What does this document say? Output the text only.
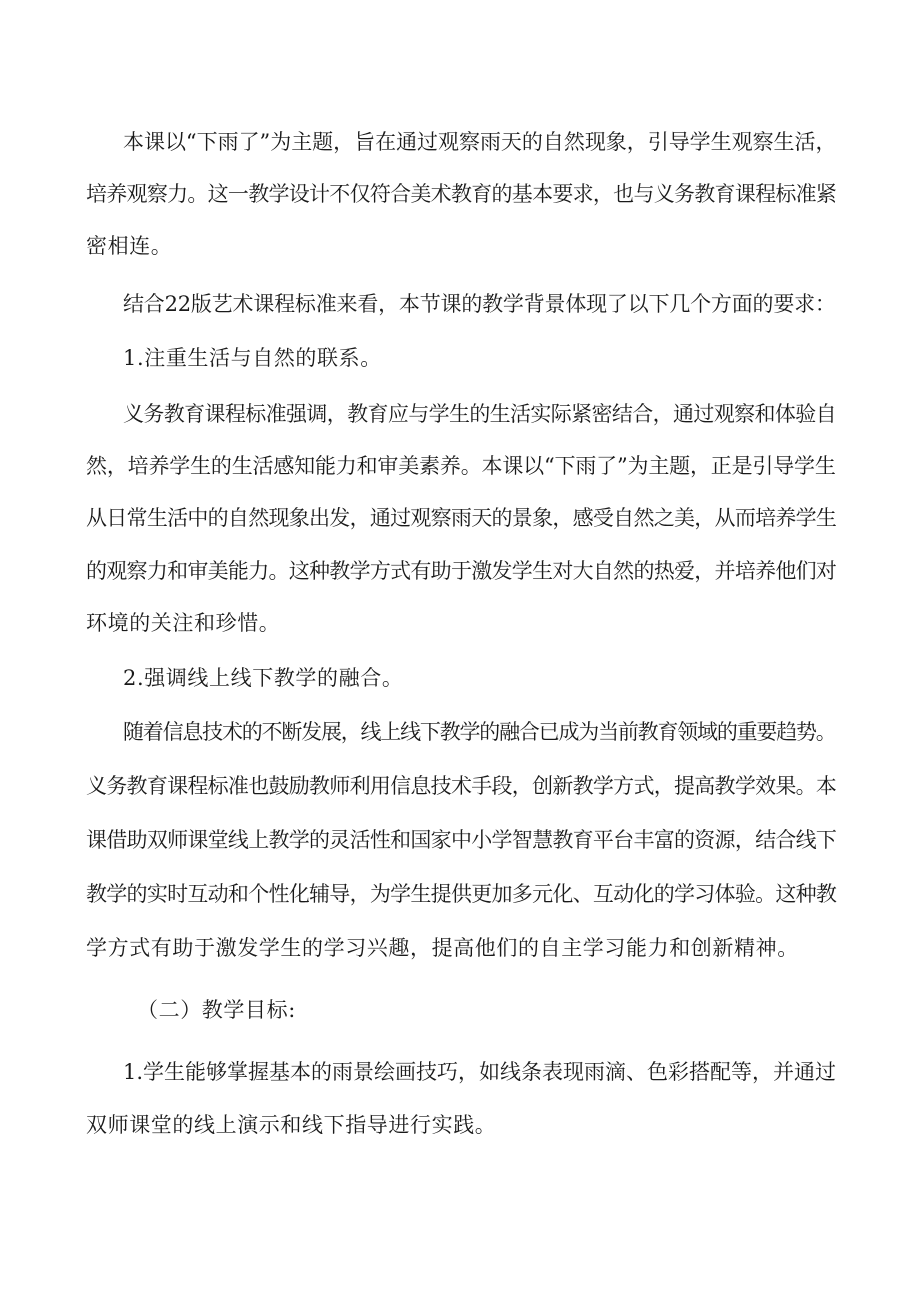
本课以“下雨了”为主题，旨在通过观察雨天的自然现象，引导学生观察生活，
培养观察力。这一教学设计不仅符合美术教育的基本要求，也与义务教育课程标准紧
密相连。
结合22版艺术课程标准来看，本节课的教学背景体现了以下几个方面的要求：
1.注重生活与自然的联系。
义务教育课程标准强调，教育应与学生的生活实际紧密结合，通过观察和体验自
然，培养学生的生活感知能力和审美素养。本课以“下雨了”为主题，正是引导学生
从日常生活中的自然现象出发，通过观察雨天的景象，感受自然之美，从而培养学生
的观察力和审美能力。这种教学方式有助于激发学生对大自然的热爱，并培养他们对
环境的关注和珍惜。
2.强调线上线下教学的融合。
随着信息技术的不断发展，线上线下教学的融合已成为当前教育领域的重要趋势。
义务教育课程标准也鼓励教师利用信息技术手段，创新教学方式，提高教学效果。本
课借助双师课堂线上教学的灵活性和国家中小学智慧教育平台丰富的资源，结合线下
教学的实时互动和个性化辅导，为学生提供更加多元化、互动化的学习体验。这种教
学方式有助于激发学生的学习兴趣，提高他们的自主学习能力和创新精神。
（二）教学目标:
1.学生能够掌握基本的雨景绘画技巧，如线条表现雨滴、色彩搭配等，并通过
双师课堂的线上演示和线下指导进行实践。
